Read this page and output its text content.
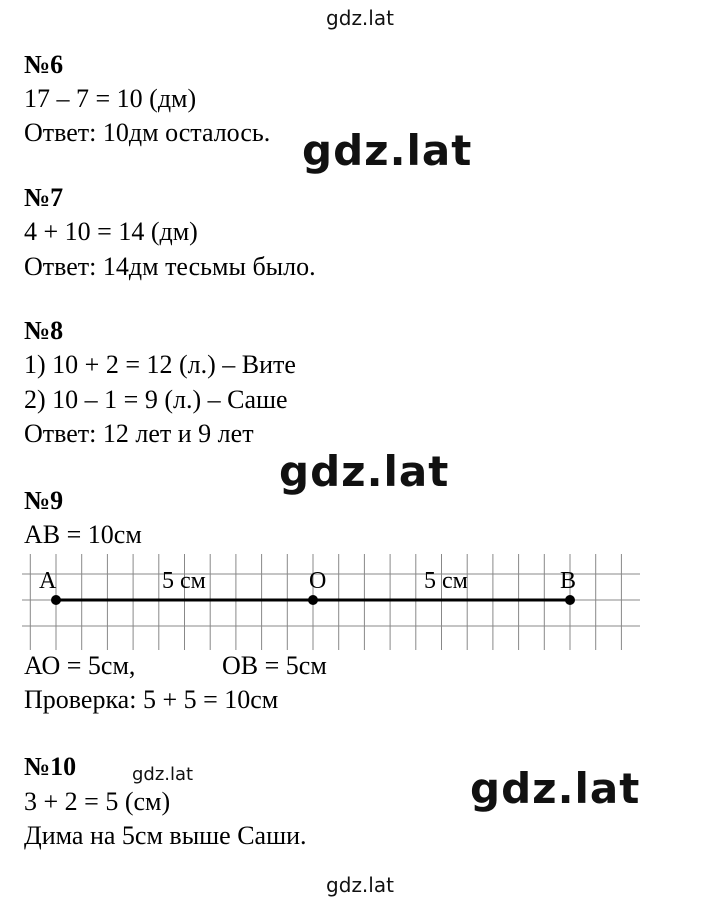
gdz.lat
gdz.lat
gdz.lat
gdz.lat
gdz.lat
gdz.lat
№6
17 – 7 = 10 (дм)
Ответ: 10дм осталось.
№7
4 + 10 = 14 (дм)
Ответ: 14дм тесьмы было.
№8
1) 10 + 2 = 12 (л.) – Вите
2) 10 – 1 = 9 (л.) – Саше
Ответ: 12 лет и 9 лет
№9
АВ = 10см
А	5 см	О	5 см	В
АО = 5см,	ОВ = 5см
Проверка: 5 + 5 = 10см
№10
3 + 2 = 5 (см)
Дима на 5см выше Саши.
